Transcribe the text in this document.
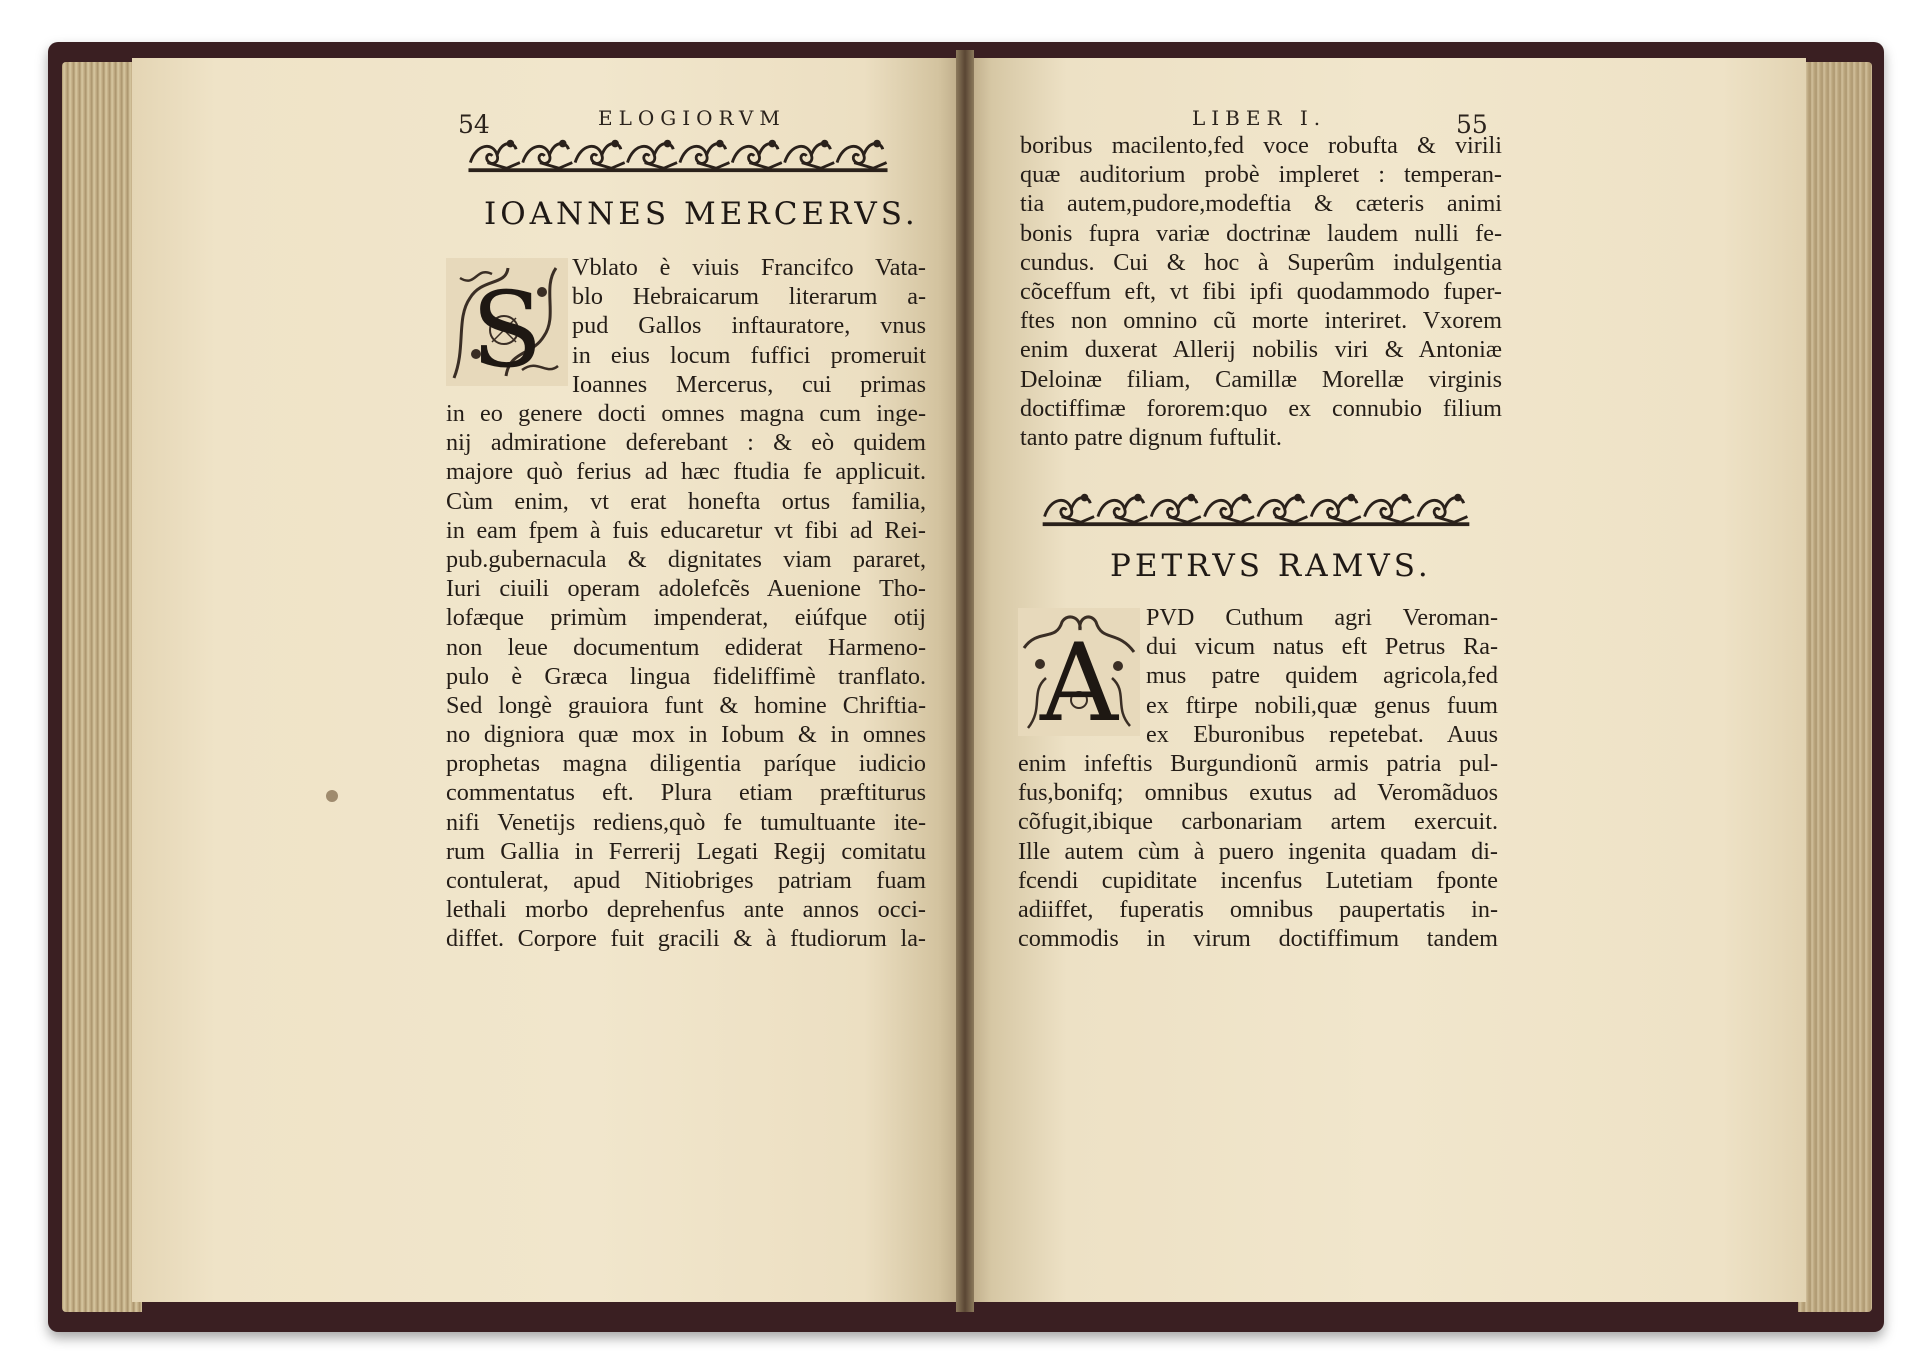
54	ELOGIORVM
IOANNES MERCERVS.
S
Vblato è viuis Francifco Vata-
blo Hebraicarum literarum a-
pud Gallos inftauratore, vnus
in eius locum fuffici promeruit
Ioannes Mercerus, cui primas
in eo genere docti omnes magna cum inge-
nij admiratione deferebant : & eò quidem
majore quò ferius ad hæc ftudia fe applicuit.
Cùm enim, vt erat honefta ortus familia,
in eam fpem à fuis educaretur vt fibi ad Rei-
pub.gubernacula & dignitates viam pararet,
Iuri ciuili operam adolefcẽs Auenione Tho-
lofæque primùm impenderat, eiúfque otij
non leue documentum ediderat Harmeno-
pulo è Græca lingua fideliffimè tranflato.
Sed longè grauiora funt & homine Chriftia-
no digniora quæ mox in Iobum & in omnes
prophetas magna diligentia paríque iudicio
commentatus eft. Plura etiam præftiturus
nifi Venetijs rediens,quò fe tumultuante ite-
rum Gallia in Ferrerij Legati Regij comitatu
contulerat, apud Nitiobriges patriam fuam
lethali morbo deprehenfus ante annos occi-
diffet. Corpore fuit gracili & à ftudiorum la-
LIBER I.	55
boribus macilento,fed voce robufta & virili
quæ auditorium probè impleret : temperan-
tia autem,pudore,modeftia & cæteris animi
bonis fupra variæ doctrinæ laudem nulli fe-
cundus. Cui & hoc à Superûm indulgentia
cõceffum eft, vt fibi ipfi quodammodo fuper-
ftes non omnino cũ morte interiret. Vxorem
enim duxerat Allerij nobilis viri & Antoniæ
Deloinæ filiam, Camillæ Morellæ virginis
doctiffimæ fororem:quo ex connubio filium
tanto patre dignum fuftulit.
PETRVS RAMVS.
A
PVD Cuthum agri Veroman-
dui vicum natus eft Petrus Ra-
mus patre quidem agricola,fed
ex ftirpe nobili,quæ genus fuum
ex Eburonibus repetebat. Auus
enim infeftis Burgundionũ armis patria pul-
fus,bonifq; omnibus exutus ad Veromãduos
cõfugit,ibique carbonariam artem exercuit.
Ille autem cùm à puero ingenita quadam di-
fcendi cupiditate incenfus Lutetiam fponte
adiiffet, fuperatis omnibus paupertatis in-
commodis in virum doctiffimum tandem
